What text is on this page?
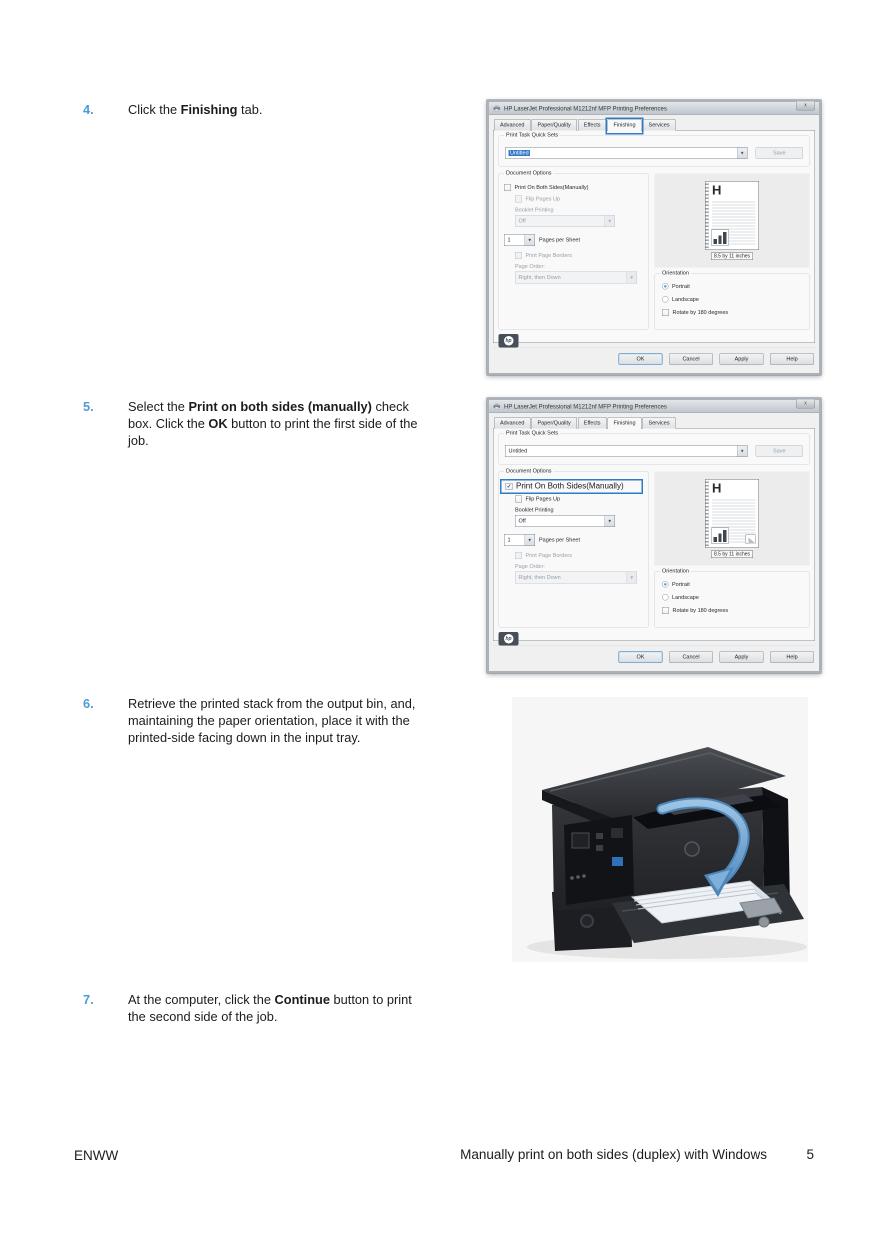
4.	Click the Finishing tab.
5.	Select the Print on both sides (manually) check box. Click the OK button to print the first side of the job.
6.	Retrieve the printed stack from the output bin, and, maintaining the paper orientation, place it with the printed-side facing down in the input tray.
7.	At the computer, click the Continue button to print the second side of the job.
HP LaserJet Professional M1212nf MFP Printing Preferences	x
Advanced	Paper/Quality	Effects	Finishing	Services
Print Task Quick Sets
Untitled	▼	Save
Document Options
Print On Both Sides(Manually)
Flip Pages Up
Booklet Printing
Off	▼
1	▼ Pages per Sheet
Print Page Borders
Page Order:
Right, then Down	▼
H
8.5 by 11 inches
Orientation
Portrait
Landscape
Rotate by 180 degrees
hp
OK	Cancel	Apply	Help
HP LaserJet Professional M1212nf MFP Printing Preferences	x
Advanced	Paper/Quality	Effects	Finishing	Services
Print Task Quick Sets
Untitled	▼	Save
Document Options
✓ Print On Both Sides(Manually)
Flip Pages Up
Booklet Printing
Off	▼
1	▼ Pages per Sheet
Print Page Borders
Page Order:
Right, then Down	▼
H
8.5 by 11 inches
Orientation
Portrait
Landscape
Rotate by 180 degrees
hp
OK	Cancel	Apply	Help
ENWW	Manually print on both sides (duplex) with Windows	5
